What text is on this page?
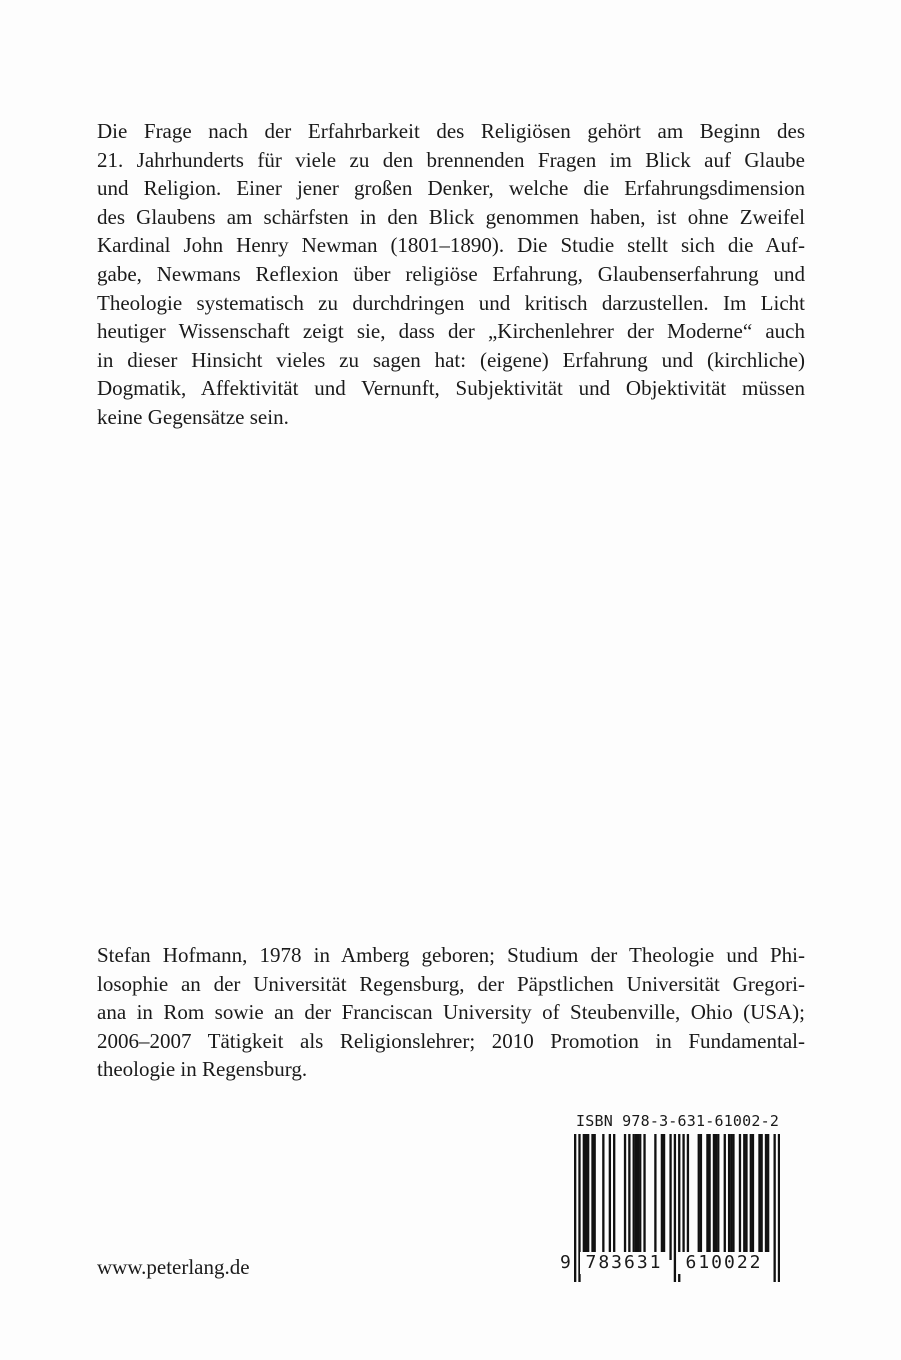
Die Frage nach der Erfahrbarkeit des Religiösen gehört am Beginn des
21. Jahrhunderts für viele zu den brennenden Fragen im Blick auf Glaube
und Religion. Einer jener großen Denker, welche die Erfahrungsdimension
des Glaubens am schärfsten in den Blick genommen haben, ist ohne Zweifel
Kardinal John Henry Newman (1801–1890). Die Studie stellt sich die Auf-
gabe, Newmans Reflexion über religiöse Erfahrung, Glaubenserfahrung und
Theologie systematisch zu durchdringen und kritisch darzustellen. Im Licht
heutiger Wissenschaft zeigt sie, dass der „Kirchenlehrer der Moderne“ auch
in dieser Hinsicht vieles zu sagen hat: (eigene) Erfahrung und (kirchliche)
Dogmatik, Affektivität und Vernunft, Subjektivität und Objektivität müssen
keine Gegensätze sein.
Stefan Hofmann, 1978 in Amberg geboren; Studium der Theologie und Phi-
losophie an der Universität Regensburg, der Päpstlichen Universität Gregori-
ana in Rom sowie an der Franciscan University of Steubenville, Ohio (USA);
2006–2007 Tätigkeit als Religionslehrer; 2010 Promotion in Fundamental-
theologie in Regensburg.
www.peterlang.de
ISBN 978-3-631-61002-2
9 783631	610022
